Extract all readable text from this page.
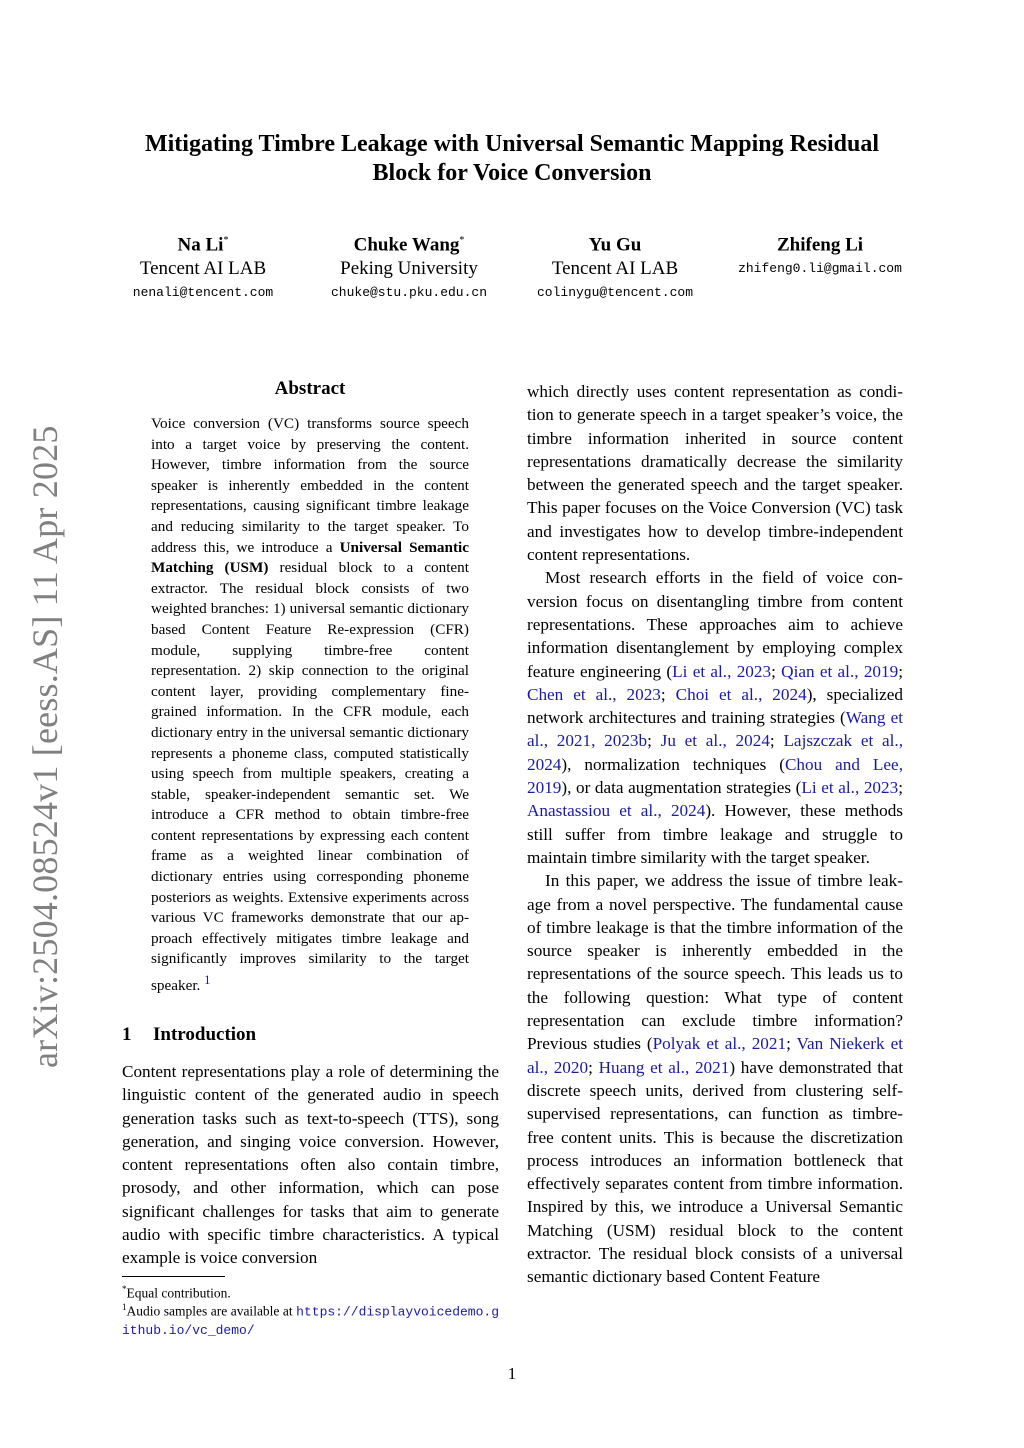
Mitigating Timbre Leakage with Universal Semantic Mapping Residual
Block for Voice Conversion
Na Li*
Tencent AI LAB
nenali@tencent.com
Chuke Wang*
Peking University
chuke@stu.pku.edu.cn
Yu Gu
Tencent AI LAB
colinygu@tencent.com
Zhifeng Li
zhifeng0.li@gmail.com
arXiv:2504.08524v1 [eess.AS] 11 Apr 2025
Abstract
Voice conversion (VC) transforms source speech into a target voice by preserving the content. However, timbre information from the source speaker is inherently embedded in the content representations, causing significant timbre leakage and reducing similarity to the target speaker. To address this, we introduce a Universal Semantic Matching (USM) residual block to a content extractor. The residual block consists of two weighted branches: 1) universal semantic dictionary based Content Feature Re-expression (CFR) module, supplying timbre-free content representation. 2) skip connection to the original content layer, providing complementary fine-grained information. In the CFR module, each dictionary entry in the universal semantic dictionary represents a phoneme class, computed statistically using speech from multiple speakers, creating a stable, speaker-independent semantic set. We introduce a CFR method to obtain timbre-free content representations by expressing each content frame as a weighted linear combination of dictionary entries using corresponding phoneme posteriors as weights. Extensive experiments across various VC frameworks demonstrate that our approach effectively mitigates timbre leakage and significantly improves similarity to the target speaker. $^1$
1 Introduction
Content representations play a role of determining the linguistic content of the generated audio in speech generation tasks such as text-to-speech (TTS), song generation, and singing voice conversion. However, content representations often also contain timbre, prosody, and other information, which can pose significant challenges for tasks that aim to generate audio with specific timbre characteristics. A typical example is voice conversion
*Equal contribution.
$^1$Audio samples are available at https://displayvoicedemo.github.io/vc_demo/

which directly uses content representation as condition to generate speech in a target speaker’s voice, the timbre information inherited in source content representations dramatically decrease the similarity between the generated speech and the target speaker. This paper focuses on the Voice Conversion (VC) task and investigates how to develop timbre-independent content representations.

Most research efforts in the field of voice conversion focus on disentangling timbre from content representations. These approaches aim to achieve information disentanglement by employing complex feature engineering (Li et al., 2023; Qian et al., 2019; Chen et al., 2023; Choi et al., 2024), specialized network architectures and training strategies (Wang et al., 2021, 2023b; Ju et al., 2024; Lajszczak et al., 2024), normalization techniques (Chou and Lee, 2019), or data augmentation strategies (Li et al., 2023; Anastassiou et al., 2024). However, these methods still suffer from timbre leakage and struggle to maintain timbre similarity with the target speaker.

In this paper, we address the issue of timbre leakage from a novel perspective. The fundamental cause of timbre leakage is that the timbre information of the source speaker is inherently embedded in the representations of the source speech. This leads us to the following question: What type of content representation can exclude timbre information? Previous studies (Polyak et al., 2021; Van Niekerk et al., 2020; Huang et al., 2021) have demonstrated that discrete speech units, derived from clustering self-supervised representations, can function as timbre-free content units. This is because the discretization process introduces an information bottleneck that effectively separates content from timbre information. Inspired by this, we introduce a Universal Semantic Matching (USM) residual block to the content extractor. The residual block consists of a universal semantic dictionary based Content Feature

1
